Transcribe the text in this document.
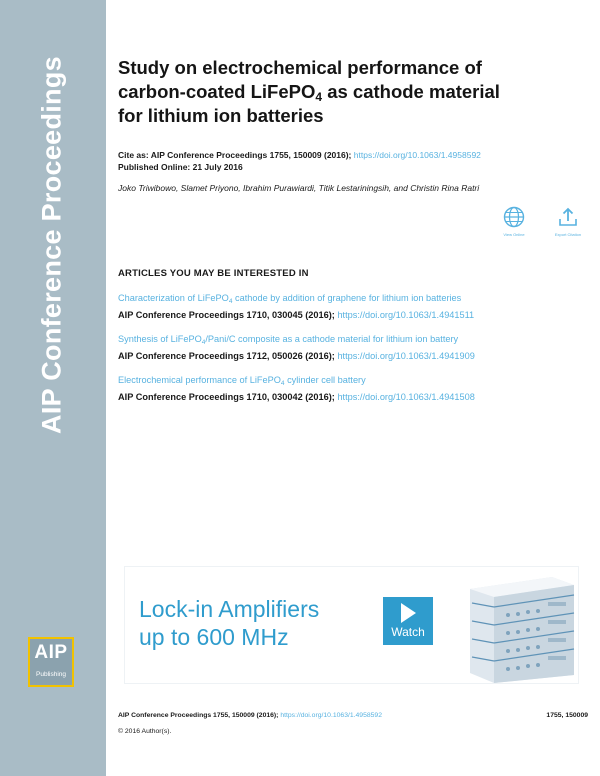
AIP Conference Proceedings
AIP
Publishing
Study on electrochemical performance of
carbon-coated LiFePO$_4$ as cathode material
for lithium ion batteries
Cite as: AIP Conference Proceedings 1755, 150009 (2016); https://doi.org/10.1063/1.4958592
Published Online: 21 July 2016
Joko Triwibowo, Slamet Priyono, Ibrahim Purawiardi, Titik Lestariningsih, and Christin Rina Ratri
View Online	Export Citation
ARTICLES YOU MAY BE INTERESTED IN
Characterization of LiFePO$_4$ cathode by addition of graphene for lithium ion batteries
AIP Conference Proceedings 1710, 030045 (2016); https://doi.org/10.1063/1.4941511
Synthesis of LiFePO$_4$/Pani/C composite as a cathode material for lithium ion battery
AIP Conference Proceedings 1712, 050026 (2016); https://doi.org/10.1063/1.4941909
Electrochemical performance of LiFePO$_4$ cylinder cell battery
AIP Conference Proceedings 1710, 030042 (2016); https://doi.org/10.1063/1.4941508
Lock-in Amplifiers
up to 600 MHz	Watch
AIP Conference Proceedings 1755, 150009 (2016); https://doi.org/10.1063/1.4958592	1755, 150009
© 2016 Author(s).
